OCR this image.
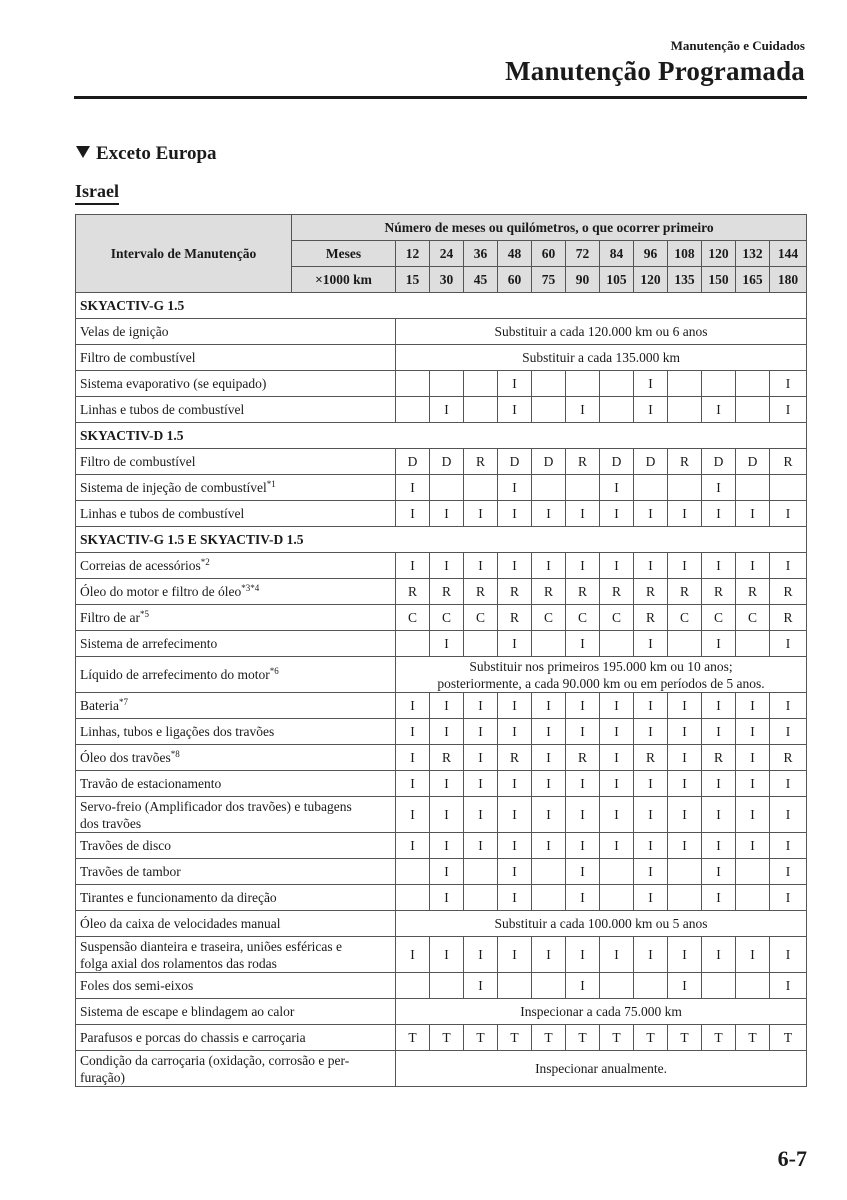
Manutenção e Cuidados
Manutenção Programada
Exceto Europa
Israel
Intervalo de Manutenção	Número de meses ou quilómetros, o que ocorrer primeiro												
	Meses	12	24	36	48	60	72	84	96	108	120	132	144
	×1000 km	15	30	45	60	75	90	105	120	135	150	165	180
SKYACTIV-G 1.5													
Velas de ignição		Substituir a cada 120.000 km ou 6 anos											
Filtro de combustível		Substituir a cada 135.000 km											
Sistema evaporativo (se equipado)					I				I				I
Linhas e tubos de combustível			I		I		I		I		I		I
SKYACTIV-D 1.5													
Filtro de combustível		D	D	R	D	D	R	D	D	R	D	D	R
Sistema de injeção de combustível$^{*1}$		I			I			I			I		
Linhas e tubos de combustível		I	I	I	I	I	I	I	I	I	I	I	I
SKYACTIV-G 1.5 E SKYACTIV-D 1.5													
Correias de acessórios$^{*2}$		I	I	I	I	I	I	I	I	I	I	I	I
Óleo do motor e filtro de óleo$^{*3*4}$		R	R	R	R	R	R	R	R	R	R	R	R
Filtro de $ar^{*5}$		C	C	C	R	C	C	C	R	C	C	C	R
Sistema de arrefecimento			I		I		I		I		I		I
Líquido de arrefecimento do motor$^{*6}$		Substituir nos primeiros 195.000 km ou 10 anos;
posteriormente, a cada 90.000 km ou em períodos de 5 anos.											
Bateria$^{*7}$		I	I	I	I	I	I	I	I	I	I	I	I
Linhas, tubos e ligações dos travões		I	I	I	I	I	I	I	I	I	I	I	I
Óleo dos travões$^{*8}$		I	R	I	R	I	R	I	R	I	R	I	R
Travão de estacionamento		I	I	I	I	I	I	I	I	I	I	I	I
Servo-freio (Amplificador dos travões) e tubagens
dos travões		I	I	I	I	I	I	I	I	I	I	I	I
Travões de disco		I	I	I	I	I	I	I	I	I	I	I	I
Travões de tambor			I		I		I		I		I		I
Tirantes e funcionamento da direção			I		I		I		I		I		I
Óleo da caixa de velocidades manual		Substituir a cada 100.000 km ou 5 anos											
Suspensão dianteira e traseira, uniões esféricas e
folga axial dos rolamentos das rodas		I	I	I	I	I	I	I	I	I	I	I	I
Foles dos semi-eixos				I			I			I			I
Sistema de escape e blindagem ao calor		Inspecionar a cada 75.000 km											
Parafusos e porcas do chassis e carroçaria		T	T	T	T	T	T	T	T	T	T	T	T
Condição da carroçaria (oxidação, corrosão e per-
furação)		Inspecionar anualmente.											
6-7
